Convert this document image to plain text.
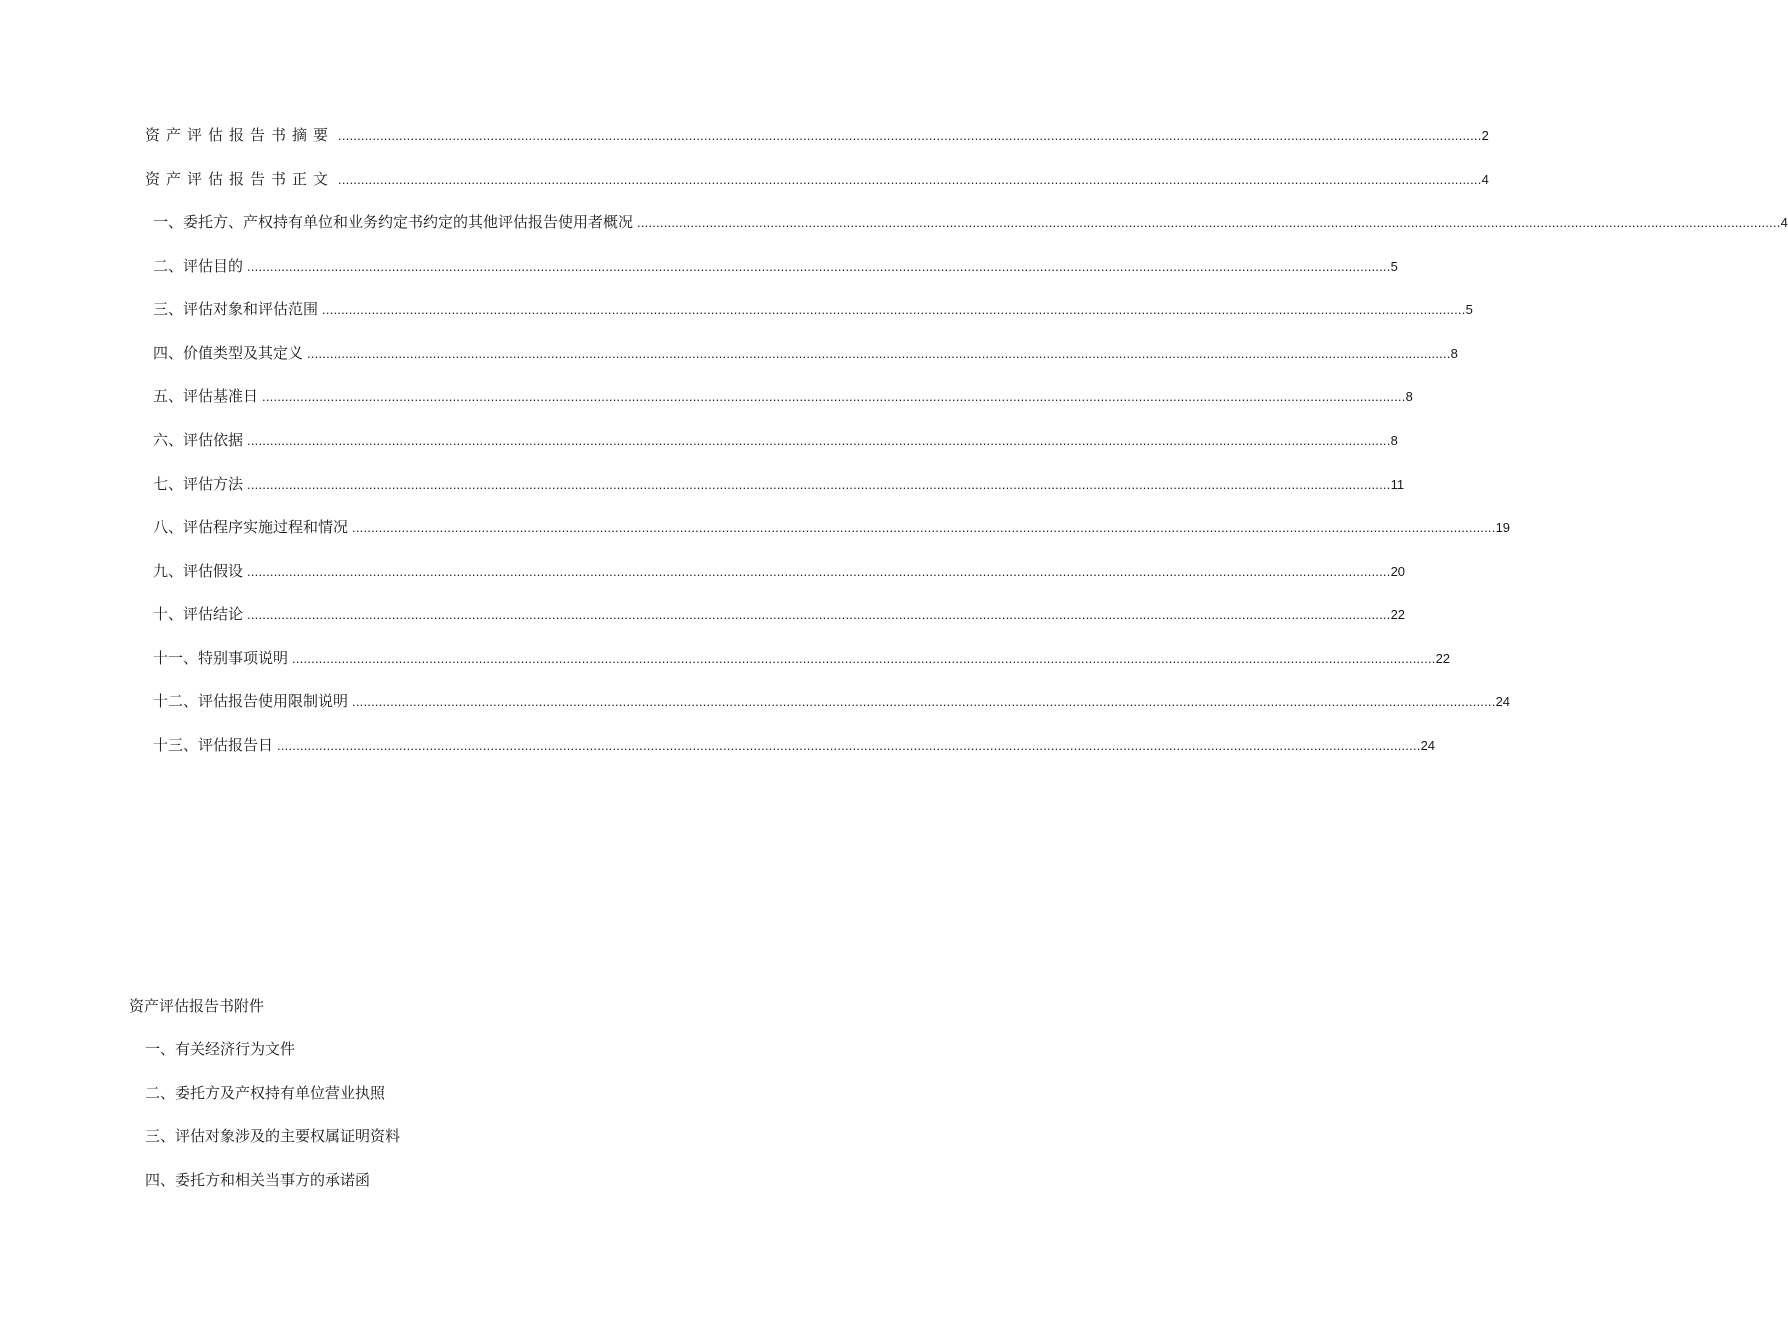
资产评估报告书摘要 ............................................................................................................................................................................................................................................................................................................ 2
资产评估报告书正文 ............................................................................................................................................................................................................................................................................................................ 4
一、委托方、产权持有单位和业务约定书约定的其他评估报告使用者概况 ............................................................................................................................................................................................................................................................................................................ 4
二、评估目的 ............................................................................................................................................................................................................................................................................................................ 5
三、评估对象和评估范围 ............................................................................................................................................................................................................................................................................................................ 5
四、价值类型及其定义 ............................................................................................................................................................................................................................................................................................................ 8
五、评估基准日 ............................................................................................................................................................................................................................................................................................................ 8
六、评估依据 ............................................................................................................................................................................................................................................................................................................ 8
七、评估方法 ............................................................................................................................................................................................................................................................................................................ 11
八、评估程序实施过程和情况 ............................................................................................................................................................................................................................................................................................................ 19
九、评估假设 ............................................................................................................................................................................................................................................................................................................ 20
十、评估结论 ............................................................................................................................................................................................................................................................................................................ 22
十一、特别事项说明 ............................................................................................................................................................................................................................................................................................................ 22
十二、评估报告使用限制说明 ............................................................................................................................................................................................................................................................................................................ 24
十三、评估报告日 ............................................................................................................................................................................................................................................................................................................ 24
资产评估报告书附件
一、有关经济行为文件
二、委托方及产权持有单位营业执照
三、评估对象涉及的主要权属证明资料
四、委托方和相关当事方的承诺函
